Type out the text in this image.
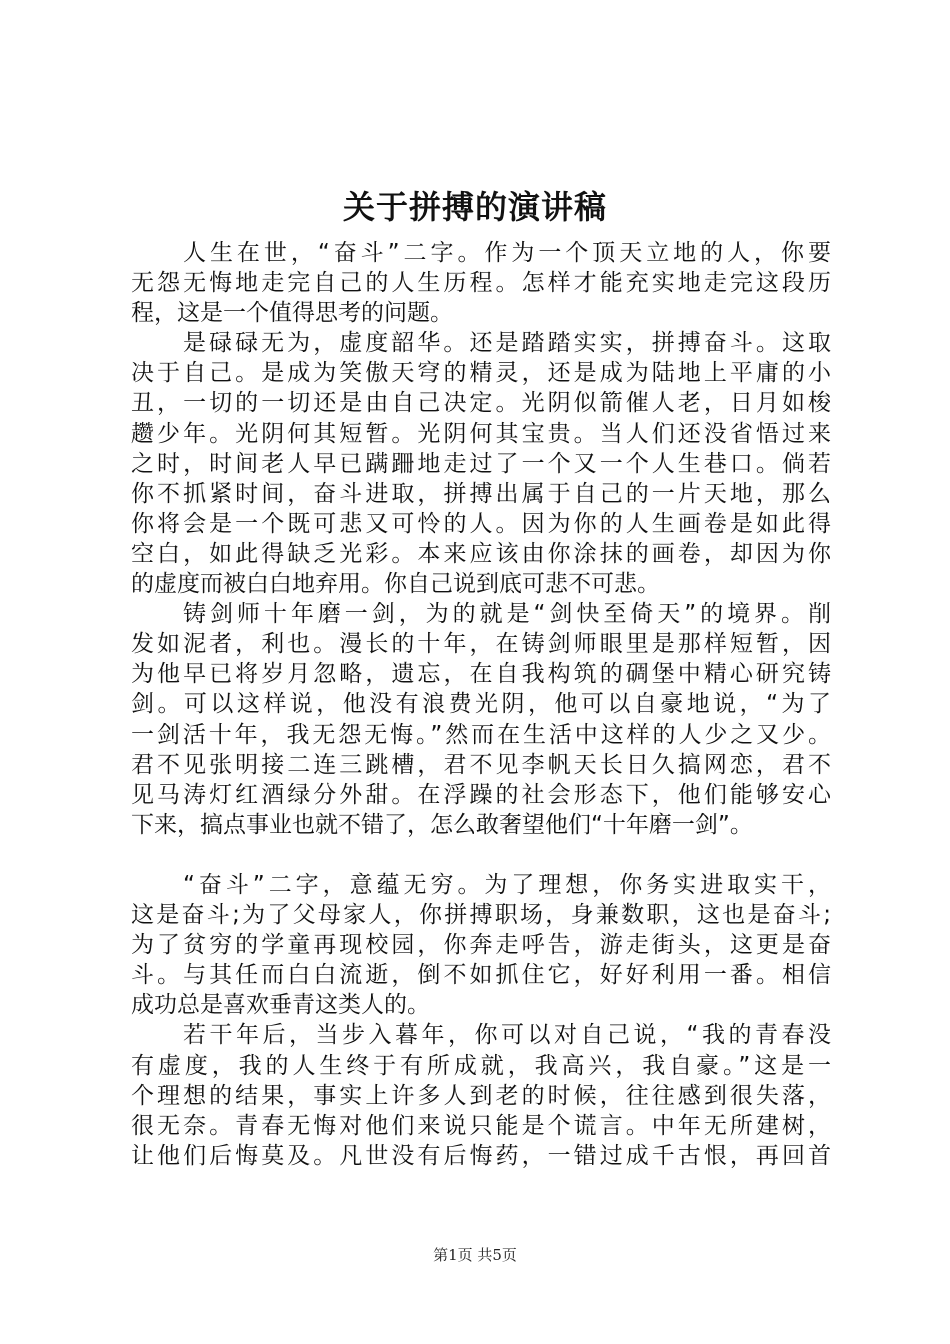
关于拼搏的演讲稿
人生在世，“奋斗”二字。作为一个顶天立地的人，你要
无怨无悔地走完自己的人生历程。怎样才能充实地走完这段历
程，这是一个值得思考的问题。
是碌碌无为，虚度韶华。还是踏踏实实，拼搏奋斗。这取
决于自己。是成为笑傲天穹的精灵，还是成为陆地上平庸的小
丑，一切的一切还是由自己决定。光阴似箭催人老，日月如梭
趱少年。光阴何其短暂。光阴何其宝贵。当人们还没省悟过来
之时，时间老人早已蹒跚地走过了一个又一个人生巷口。倘若
你不抓紧时间，奋斗进取，拼搏出属于自己的一片天地，那么
你将会是一个既可悲又可怜的人。因为你的人生画卷是如此得
空白，如此得缺乏光彩。本来应该由你涂抹的画卷，却因为你
的虚度而被白白地弃用。你自己说到底可悲不可悲。
铸剑师十年磨一剑，为的就是“剑快至倚天”的境界。削
发如泥者，利也。漫长的十年，在铸剑师眼里是那样短暂，因
为他早已将岁月忽略，遗忘，在自我构筑的碉堡中精心研究铸
剑。可以这样说，他没有浪费光阴，他可以自豪地说，“为了
一剑活十年，我无怨无悔。”然而在生活中这样的人少之又少。
君不见张明接二连三跳槽，君不见李帆天长日久搞网恋，君不
见马涛灯红酒绿分外甜。在浮躁的社会形态下，他们能够安心
下来，搞点事业也就不错了，怎么敢奢望他们“十年磨一剑”。
“奋斗”二字，意蕴无穷。为了理想，你务实进取实干，
这是奋斗;为了父母家人，你拼搏职场，身兼数职，这也是奋斗;
为了贫穷的学童再现校园，你奔走呼告，游走街头，这更是奋
斗。与其任而白白流逝，倒不如抓住它，好好利用一番。相信
成功总是喜欢垂青这类人的。
若干年后，当步入暮年，你可以对自己说，“我的青春没
有虚度，我的人生终于有所成就，我高兴，我自豪。”这是一
个理想的结果，事实上许多人到老的时候，往往感到很失落，
很无奈。青春无悔对他们来说只能是个谎言。中年无所建树，
让他们后悔莫及。凡世没有后悔药，一错过成千古恨，再回首
第1页 共5页
